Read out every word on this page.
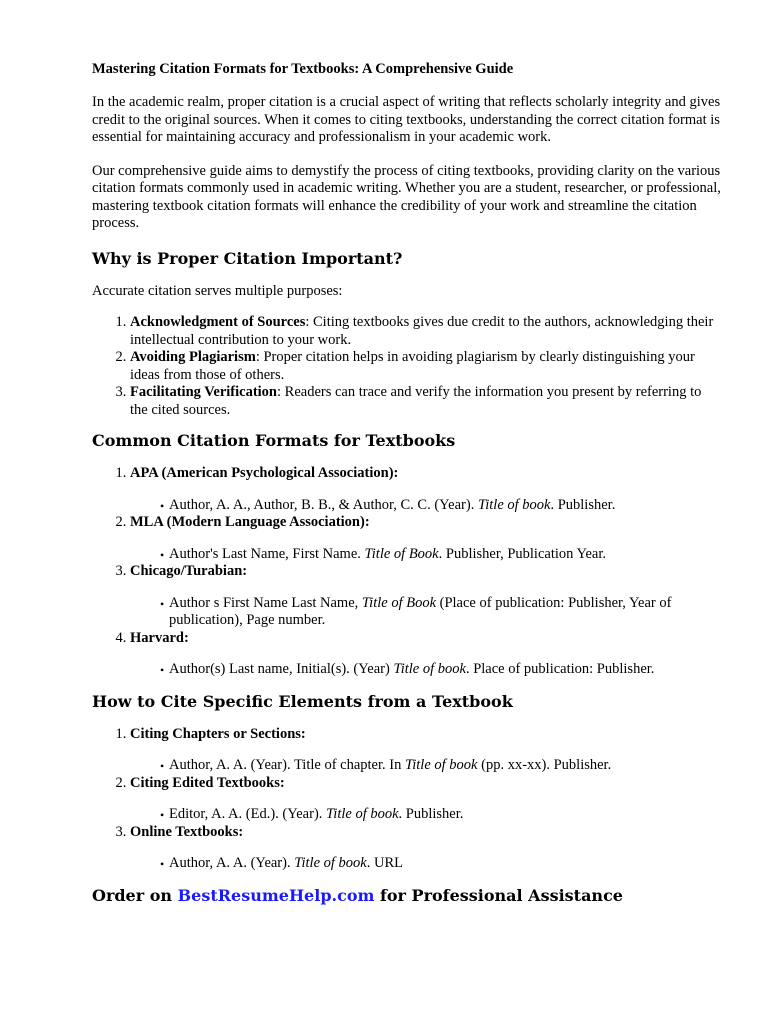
Mastering Citation Formats for Textbooks: A Comprehensive Guide

In the academic realm, proper citation is a crucial aspect of writing that reflects scholarly integrity and gives credit to the original sources. When it comes to citing textbooks, understanding the correct citation format is essential for maintaining accuracy and professionalism in your academic work.

Our comprehensive guide aims to demystify the process of citing textbooks, providing clarity on the various citation formats commonly used in academic writing. Whether you are a student, researcher, or professional, mastering textbook citation formats will enhance the credibility of your work and streamline the citation process.

Why is Proper Citation Important?

Accurate citation serves multiple purposes:

1. Acknowledgment of Sources: Citing textbooks gives due credit to the authors, acknowledging their intellectual contribution to your work.
2. Avoiding Plagiarism: Proper citation helps in avoiding plagiarism by clearly distinguishing your ideas from those of others.
3. Facilitating Verification: Readers can trace and verify the information you present by referring to the cited sources.
Common Citation Formats for Textbooks
1. APA (American Psychological Association):
• Author, A. A., Author, B. B., & Author, C. C. (Year). Title of book. Publisher.
2. MLA (Modern Language Association):
• Author's Last Name, First Name. Title of Book. Publisher, Publication Year.
3. Chicago/Turabian:
• Author s First Name Last Name, Title of Book (Place of publication: Publisher, Year of publication), Page number.
4. Harvard:
• Author(s) Last name, Initial(s). (Year) Title of book. Place of publication: Publisher.
How to Cite Specific Elements from a Textbook
1. Citing Chapters or Sections:
• Author, A. A. (Year). Title of chapter. In Title of book (pp. xx-xx). Publisher.
2. Citing Edited Textbooks:
• Editor, A. A. (Ed.). (Year). Title of book. Publisher.
3. Online Textbooks:
• Author, A. A. (Year). Title of book. URL
Order on BestResumeHelp.com for Professional Assistance
